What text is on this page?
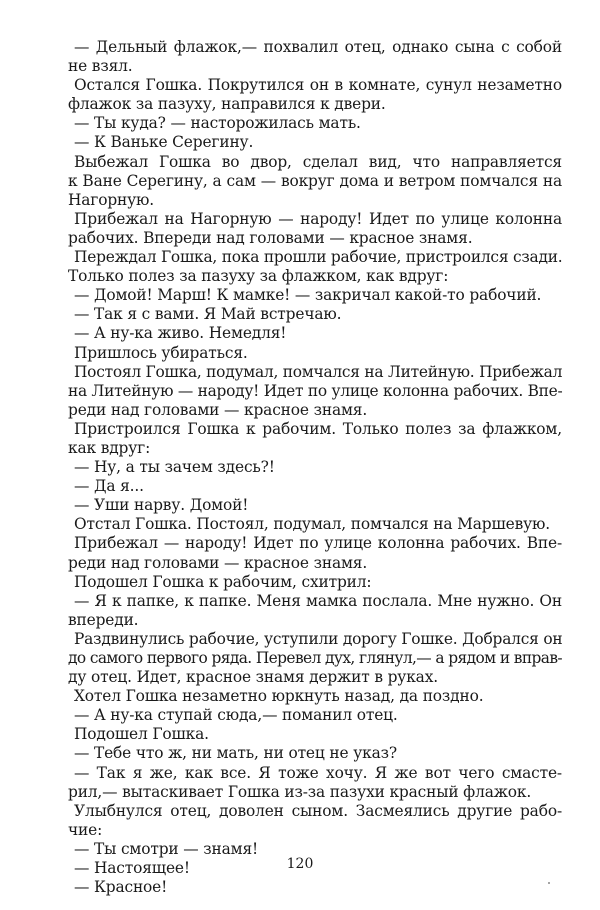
— Дельный флажок,— похвалил отец, однако сына с собой
не взял.
Остался Гошка. Покрутился он в комнате, сунул незаметно
флажок за пазуху, направился к двери.
— Ты куда? — насторожилась мать.
— К Ваньке Серегину.
Выбежал Гошка во двор, сделал вид, что направляется
к Ване Серегину, а сам — вокруг дома и ветром помчался на
Нагорную.
Прибежал на Нагорную — народу! Идет по улице колонна
рабочих. Впереди над головами — красное знамя.
Переждал Гошка, пока прошли рабочие, пристроился сзади.
Только полез за пазуху за флажком, как вдруг:
— Домой! Марш! К мамке! — закричал какой-то рабочий.
— Так я с вами. Я Май встречаю.
— А ну-ка живо. Немедля!
Пришлось убираться.
Постоял Гошка, подумал, помчался на Литейную. Прибежал
на Литейную — народу! Идет по улице колонна рабочих. Впе-
реди над головами — красное знамя.
Пристроился Гошка к рабочим. Только полез за флажком,
как вдруг:
— Ну, а ты зачем здесь?!
— Да я...
— Уши нарву. Домой!
Отстал Гошка. Постоял, подумал, помчался на Маршевую.
Прибежал — народу! Идет по улице колонна рабочих. Впе-
реди над головами — красное знамя.
Подошел Гошка к рабочим, схитрил:
— Я к папке, к папке. Меня мамка послала. Мне нужно. Он
впереди.
Раздвинулись рабочие, уступили дорогу Гошке. Добрался он
до самого первого ряда. Перевел дух, глянул,— а рядом и вправ-
ду отец. Идет, красное знамя держит в руках.
Хотел Гошка незаметно юркнуть назад, да поздно.
— А ну-ка ступай сюда,— поманил отец.
Подошел Гошка.
— Тебе что ж, ни мать, ни отец не указ?
— Так я же, как все. Я тоже хочу. Я же вот чего смасте-
рил,— вытаскивает Гошка из-за пазухи красный флажок.
Улыбнулся отец, доволен сыном. Засмеялись другие рабо-
чие:
— Ты смотри — знамя!
— Настоящее!
— Красное!
120
